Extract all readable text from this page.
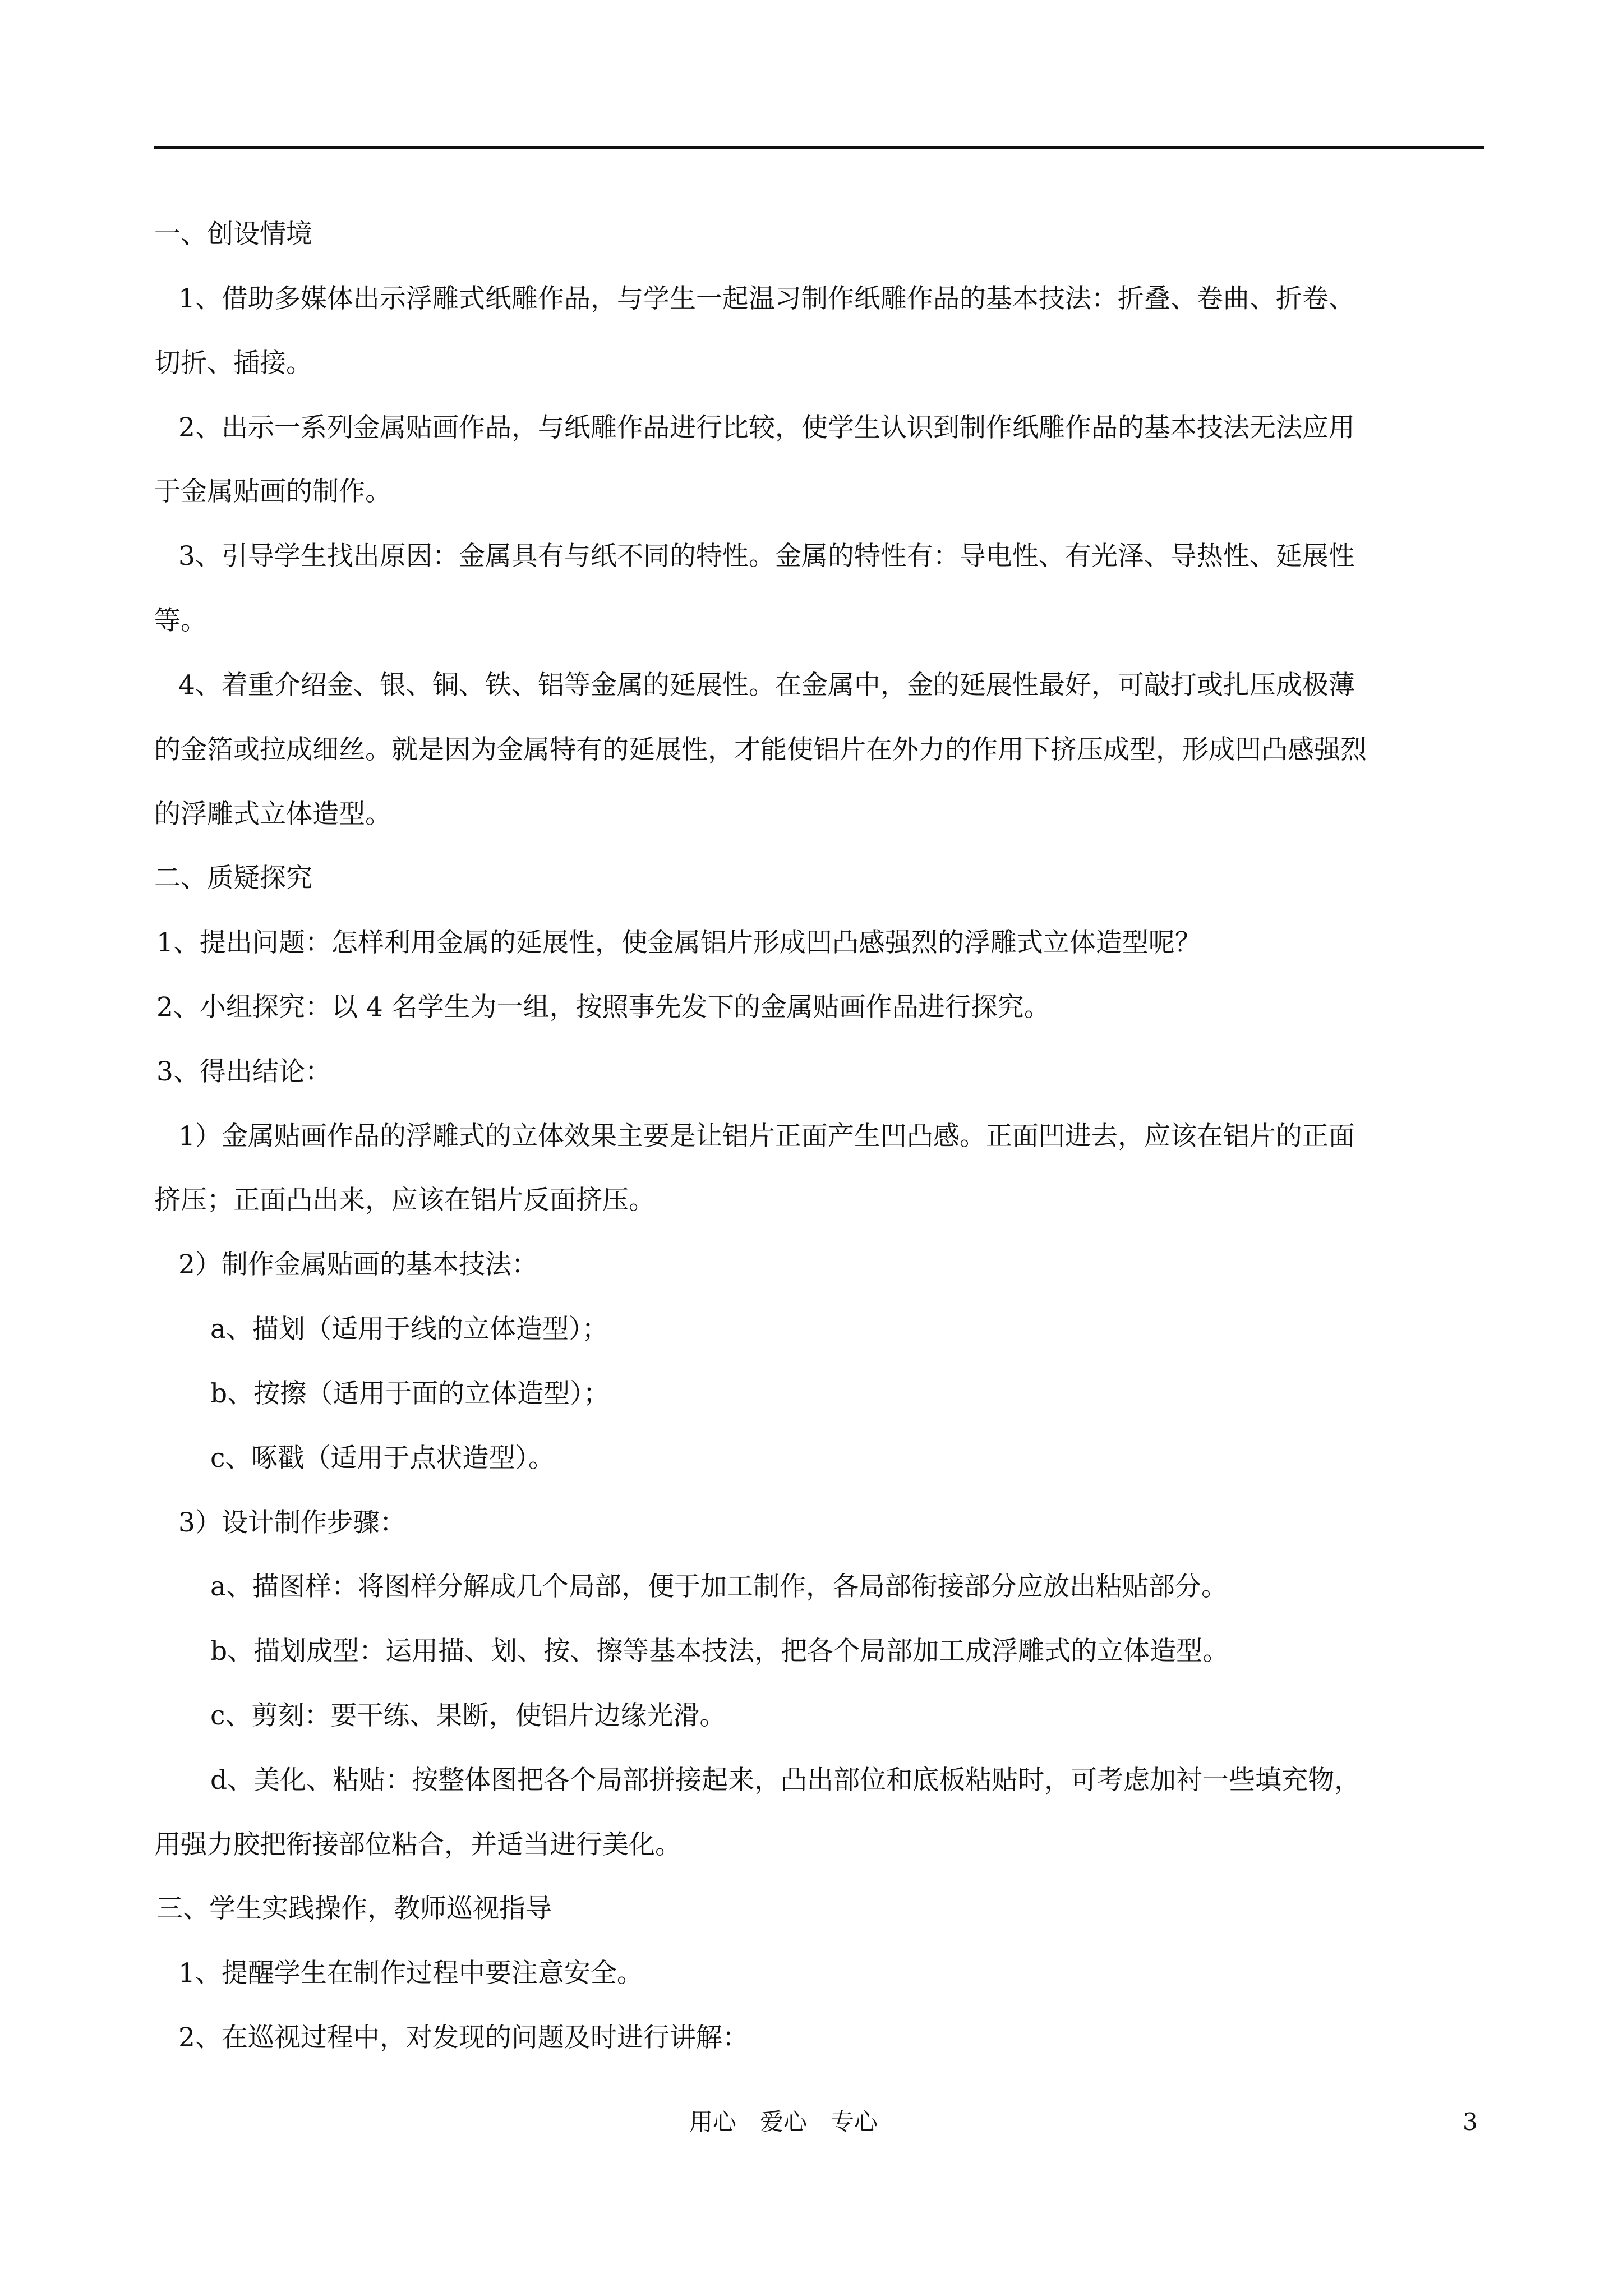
一、创设情境
1、借助多媒体出示浮雕式纸雕作品，与学生一起温习制作纸雕作品的基本技法：折叠、卷曲、折卷、
切折、插接。
2、出示一系列金属贴画作品，与纸雕作品进行比较，使学生认识到制作纸雕作品的基本技法无法应用
于金属贴画的制作。
3、引导学生找出原因：金属具有与纸不同的特性。金属的特性有：导电性、有光泽、导热性、延展性
等。
4、着重介绍金、银、铜、铁、铝等金属的延展性。在金属中，金的延展性最好，可敲打或扎压成极薄
的金箔或拉成细丝。就是因为金属特有的延展性，才能使铝片在外力的作用下挤压成型，形成凹凸感强烈
的浮雕式立体造型。
二、质疑探究
1、提出问题：怎样利用金属的延展性，使金属铝片形成凹凸感强烈的浮雕式立体造型呢？
2、小组探究：以 4 名学生为一组，按照事先发下的金属贴画作品进行探究。
3、得出结论：
1）金属贴画作品的浮雕式的立体效果主要是让铝片正面产生凹凸感。正面凹进去，应该在铝片的正面
挤压；正面凸出来，应该在铝片反面挤压。
2）制作金属贴画的基本技法：
a、描划（适用于线的立体造型）；
b、按擦（适用于面的立体造型）；
c、啄戳（适用于点状造型）。
3）设计制作步骤：
a、描图样：将图样分解成几个局部，便于加工制作，各局部衔接部分应放出粘贴部分。
b、描划成型：运用描、划、按、擦等基本技法，把各个局部加工成浮雕式的立体造型。
c、剪刻：要干练、果断，使铝片边缘光滑。
d、美化、粘贴：按整体图把各个局部拼接起来，凸出部位和底板粘贴时，可考虑加衬一些填充物，
用强力胶把衔接部位粘合，并适当进行美化。
三、学生实践操作，教师巡视指导
1、提醒学生在制作过程中要注意安全。
2、在巡视过程中，对发现的问题及时进行讲解：
用心　爱心　专心	3
